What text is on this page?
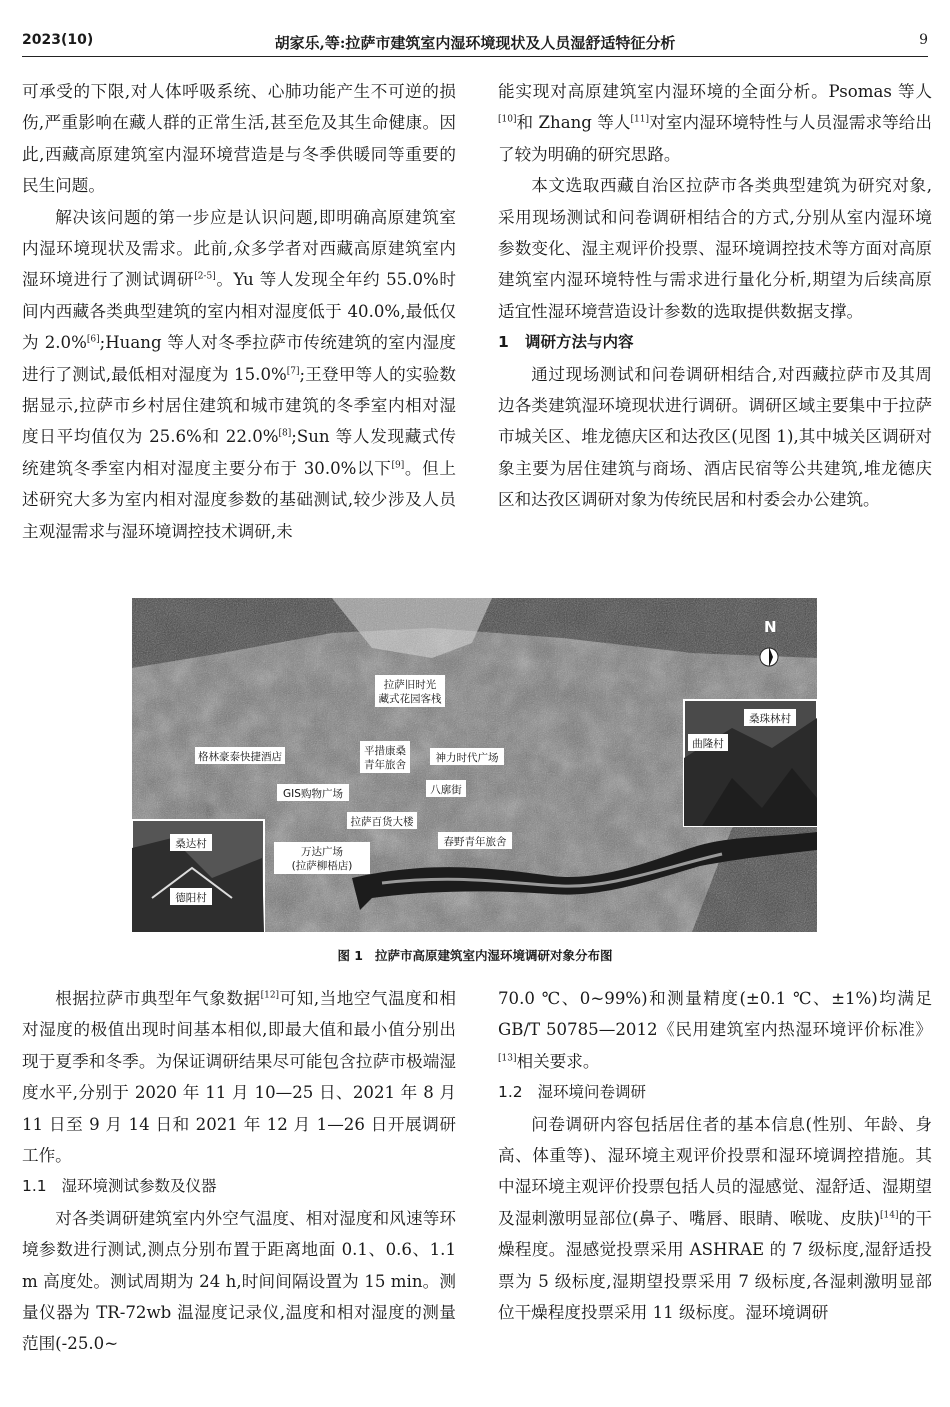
2023(10)	胡家乐,等:拉萨市建筑室内湿环境现状及人员湿舒适特征分析	9

可承受的下限,对人体呼吸系统、心肺功能产生不可逆的损伤,严重影响在藏人群的正常生活,甚至危及其生命健康。因此,西藏高原建筑室内湿环境营造是与冬季供暖同等重要的民生问题。

解决该问题的第一步应是认识问题,即明确高原建筑室内湿环境现状及需求。此前,众多学者对西藏高原建筑室内湿环境进行了测试调研[2-5]。Yu 等人发现全年约 55.0%时间内西藏各类典型建筑的室内相对湿度低于 40.0%,最低仅为 2.0%[6];Huang 等人对冬季拉萨市传统建筑的室内湿度进行了测试,最低相对湿度为 15.0%[7];王登甲等人的实验数据显示,拉萨市乡村居住建筑和城市建筑的冬季室内相对湿度日平均值仅为 25.6%和 22.0%[8];Sun 等人发现藏式传统建筑冬季室内相对湿度主要分布于 30.0%以下[9]。但上述研究大多为室内相对湿度参数的基础测试,较少涉及人员主观湿需求与湿环境调控技术调研,未

能实现对高原建筑室内湿环境的全面分析。Psomas 等人[10]和 Zhang 等人[11]对室内湿环境特性与人员湿需求等给出了较为明确的研究思路。

本文选取西藏自治区拉萨市各类典型建筑为研究对象,采用现场测试和问卷调研相结合的方式,分别从室内湿环境参数变化、湿主观评价投票、湿环境调控技术等方面对高原建筑室内湿环境特性与需求进行量化分析,期望为后续高原适宜性湿环境营造设计参数的选取提供数据支撑。

1 调研方法与内容

通过现场测试和问卷调研相结合,对西藏拉萨市及其周边各类建筑湿环境现状进行调研。调研区域主要集中于拉萨市城关区、堆龙德庆区和达孜区(见图 1),其中城关区调研对象主要为居住建筑与商场、酒店民宿等公共建筑,堆龙德庆区和达孜区调研对象为传统民居和村委会办公建筑。

N
拉萨旧时光
藏式花园客栈
格林豪泰快捷酒店	平措康桑
青年旅舍
神力时代广场
GIS购物广场	八廓街
拉萨百货大楼
春野青年旅舍
万达广场
(拉萨柳梧店)
桑达村
德阳村
曲隆村
桑珠林村
图 1 拉萨市高原建筑室内湿环境调研对象分布图

根据拉萨市典型年气象数据[12]可知,当地空气温度和相对湿度的极值出现时间基本相似,即最大值和最小值分别出现于夏季和冬季。为保证调研结果尽可能包含拉萨市极端湿度水平,分别于 2020 年 11 月 10—25 日、2021 年 8 月 11 日至 9 月 14 日和 2021 年 12 月 1—26 日开展调研工作。

1.1 湿环境测试参数及仪器

对各类调研建筑室内外空气温度、相对湿度和风速等环境参数进行测试,测点分别布置于距离地面 0.1、0.6、1.1 m 高度处。测试周期为 24 h,时间间隔设置为 15 min。测量仪器为 TR-72wb 温湿度记录仪,温度和相对湿度的测量范围(-25.0~

70.0 ℃、0~99%)和测量精度(±0.1 ℃、±1%)均满足 GB/T 50785—2012《民用建筑室内热湿环境评价标准》[13]相关要求。

1.2 湿环境问卷调研

问卷调研内容包括居住者的基本信息(性别、年龄、身高、体重等)、湿环境主观评价投票和湿环境调控措施。其中湿环境主观评价投票包括人员的湿感觉、湿舒适、湿期望及湿刺激明显部位(鼻子、嘴唇、眼睛、喉咙、皮肤)[14]的干燥程度。湿感觉投票采用 ASHRAE 的 7 级标度,湿舒适投票为 5 级标度,湿期望投票采用 7 级标度,各湿刺激明显部位干燥程度投票采用 11 级标度。湿环境调研
